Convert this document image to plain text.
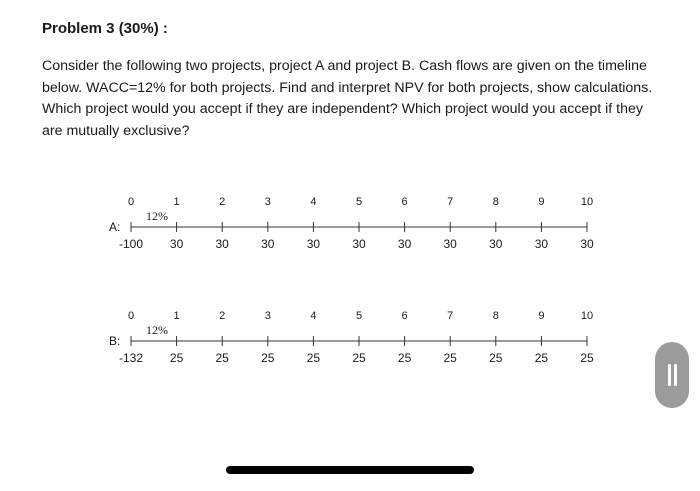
Problem 3 (30%) :
Consider the following two projects, project A and project B. Cash flows are given on the timeline below. WACC=12% for both projects. Find and interpret NPV for both projects, show calculations. Which project would you accept if they are independent? Which project would you accept if they are mutually exclusive?
A:
12%
0	1	2	3	4	5	6	7	8	9	10
-100	30	30	30	30	30	30	30	30	30	30
B:
12%
0	1	2	3	4	5	6	7	8	9	10
-132	25	25	25	25	25	25	25	25	25	25
